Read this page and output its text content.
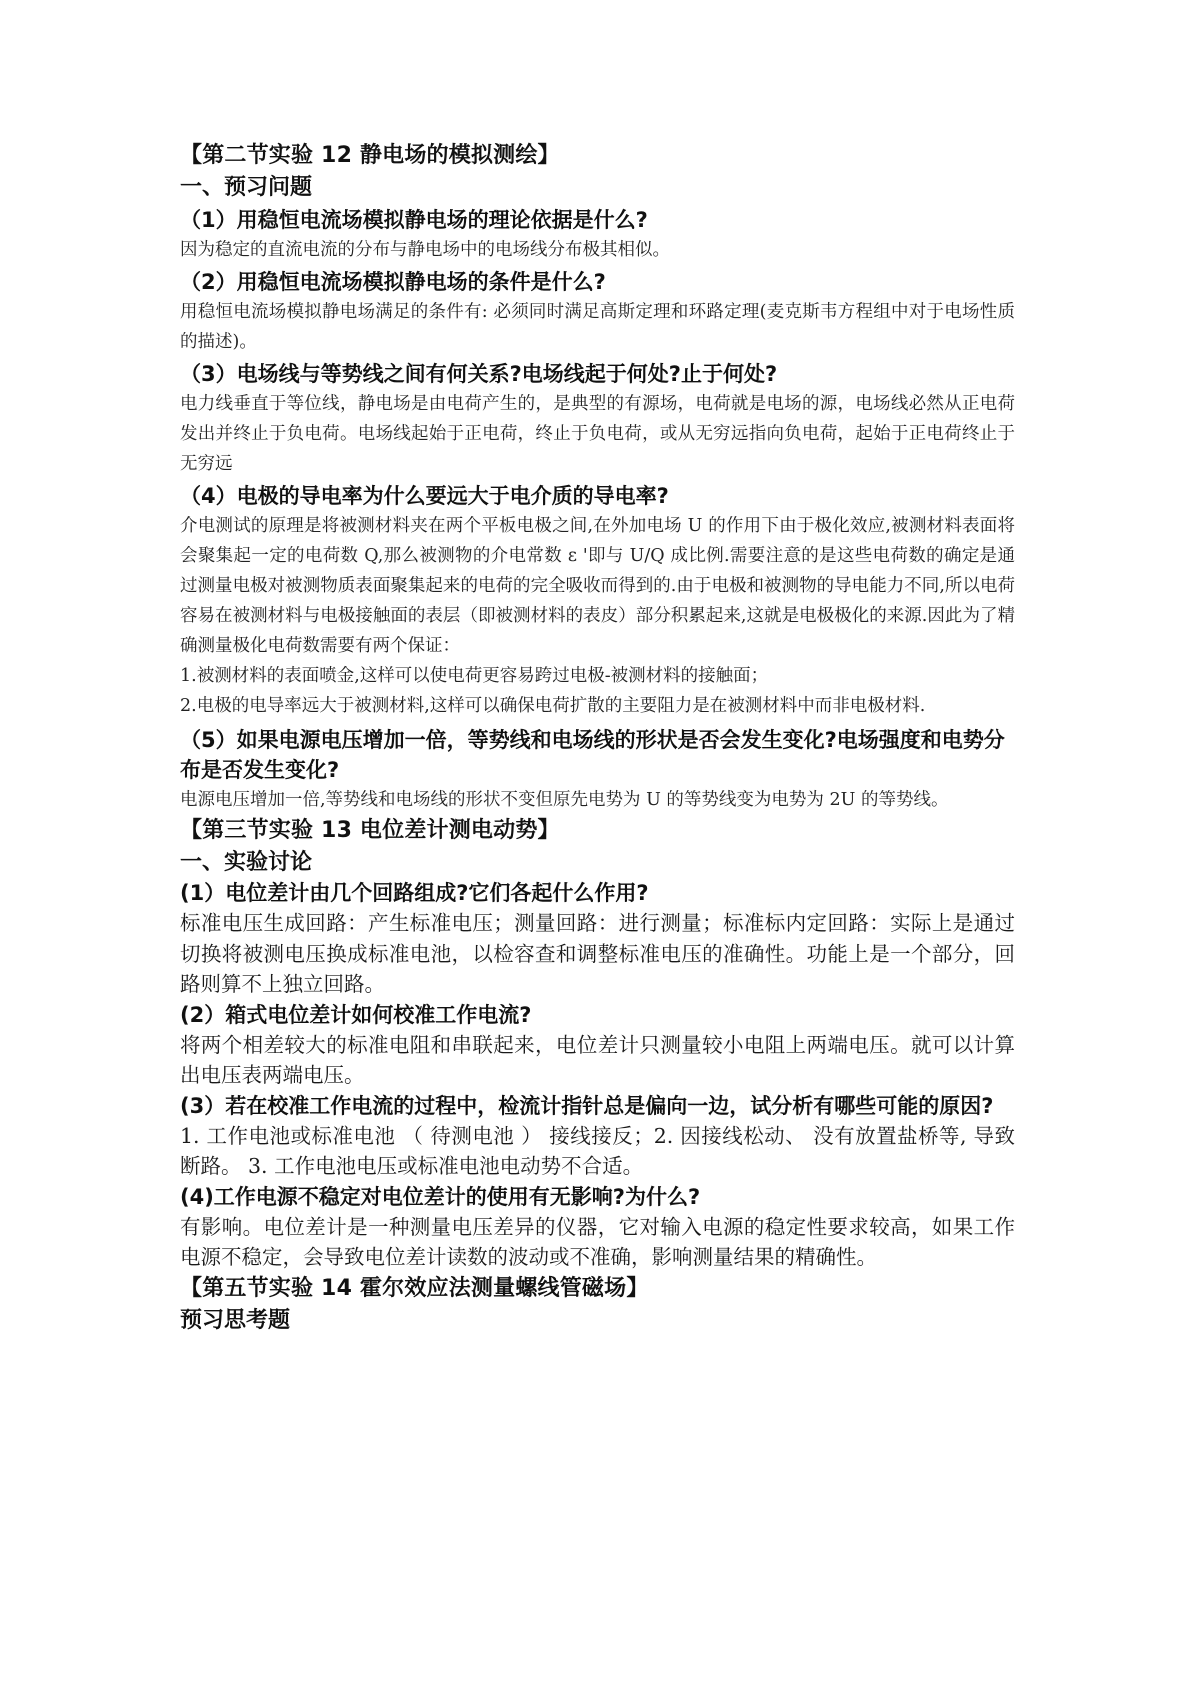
【第二节实验 12 静电场的模拟测绘】

一、预习问题

（1）用稳恒电流场模拟静电场的理论依据是什么?

因为稳定的直流电流的分布与静电场中的电场线分布极其相似。

（2）用稳恒电流场模拟静电场的条件是什么?

用稳恒电流场模拟静电场满足的条件有: 必须同时满足高斯定理和环路定理(麦克斯韦方程组中对于电场性质的描述)。

（3）电场线与等势线之间有何关系?电场线起于何处?止于何处?

电力线垂直于等位线，静电场是由电荷产生的，是典型的有源场，电荷就是电场的源，电场线必然从正电荷发出并终止于负电荷。电场线起始于正电荷，终止于负电荷，或从无穷远指向负电荷，起始于正电荷终止于无穷远

（4）电极的导电率为什么要远大于电介质的导电率?

介电测试的原理是将被测材料夹在两个平板电极之间,在外加电场 U 的作用下由于极化效应,被测材料表面将会聚集起一定的电荷数 Q,那么被测物的介电常数 ε '即与 U/Q 成比例.需要注意的是这些电荷数的确定是通过测量电极对被测物质表面聚集起来的电荷的完全吸收而得到的.由于电极和被测物的导电能力不同,所以电荷容易在被测材料与电极接触面的表层（即被测材料的表皮）部分积累起来,这就是电极极化的来源.因此为了精确测量极化电荷数需要有两个保证：

1.被测材料的表面喷金,这样可以使电荷更容易跨过电极-被测材料的接触面；

2.电极的电导率远大于被测材料,这样可以确保电荷扩散的主要阻力是在被测材料中而非电极材料.

（5）如果电源电压增加一倍，等势线和电场线的形状是否会发生变化?电场强度和电势分布是否发生变化?

电源电压增加一倍,等势线和电场线的形状不变但原先电势为 U 的等势线变为电势为 2U 的等势线。

【第三节实验 13 电位差计测电动势】

一、实验讨论

(1）电位差计由几个回路组成?它们各起什么作用?

标准电压生成回路：产生标准电压；测量回路：进行测量；标准标内定回路：实际上是通过切换将被测电压换成标准电池，以检容查和调整标准电压的准确性。功能上是一个部分，回路则算不上独立回路。

(2）箱式电位差计如何校准工作电流?

将两个相差较大的标准电阻和串联起来，电位差计只测量较小电阻上两端电压。就可以计算出电压表两端电压。

(3）若在校准工作电流的过程中，检流计指针总是偏向一边，试分析有哪些可能的原因?

1. 工作电池或标准电池 （ 待测电池 ） 接线接反；2. 因接线松动、 没有放置盐桥等, 导致断路。 3. 工作电池电压或标准电池电动势不合适。

(4)工作电源不稳定对电位差计的使用有无影响?为什么?

有影响。电位差计是一种测量电压差异的仪器，它对输入电源的稳定性要求较高，如果工作电源不稳定，会导致电位差计读数的波动或不准确，影响测量结果的精确性。

【第五节实验 14 霍尔效应法测量螺线管磁场】

预习思考题
